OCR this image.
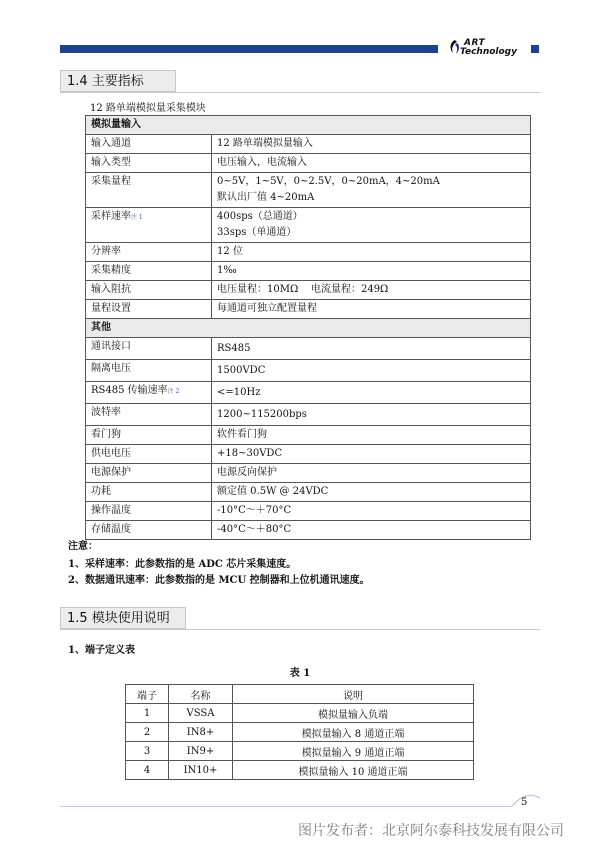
ART
Technology
1.4 主要指标
12 路单端模拟量采集模块
模拟量输入	
输入通道	12 路单端模拟量输入
输入类型	电压输入，电流输入
采集量程	0~5V，1~5V，0~2.5V，0~20mA，4~20mA
默认出厂值 4~20mA

采样速率注 1	400sps（总通道）
33sps（单通道）

分辨率	12 位
采集精度	1‰
输入阻抗	电压量程：10MΩ    电流量程：249Ω
量程设置	每通道可独立配置量程
其他	
通讯接口	RS485
隔离电压	1500VDC
RS485 传输速率注 2	<=10Hz
波特率	1200~115200bps
看门狗	软件看门狗
供电电压	+18~30VDC
电源保护	电源反向保护
功耗	额定值 0.5W @ 24VDC
操作温度	-10°C～＋70°C
存储温度	-40°C～＋80°C
注意：
1、采样速率：此参数指的是 ADC 芯片采集速度。
2、数据通讯速率：此参数指的是 MCU 控制器和上位机通讯速度。
1.5 模块使用说明
1、端子定义表
表 1
端子	名称	说明
1	VSSA	模拟量输入负端
2	IN8+	模拟量输入 8 通道正端
3	IN9+	模拟量输入 9 通道正端
4	IN10+	模拟量输入 10 通道正端
5
图片发布者：北京阿尔泰科技发展有限公司
